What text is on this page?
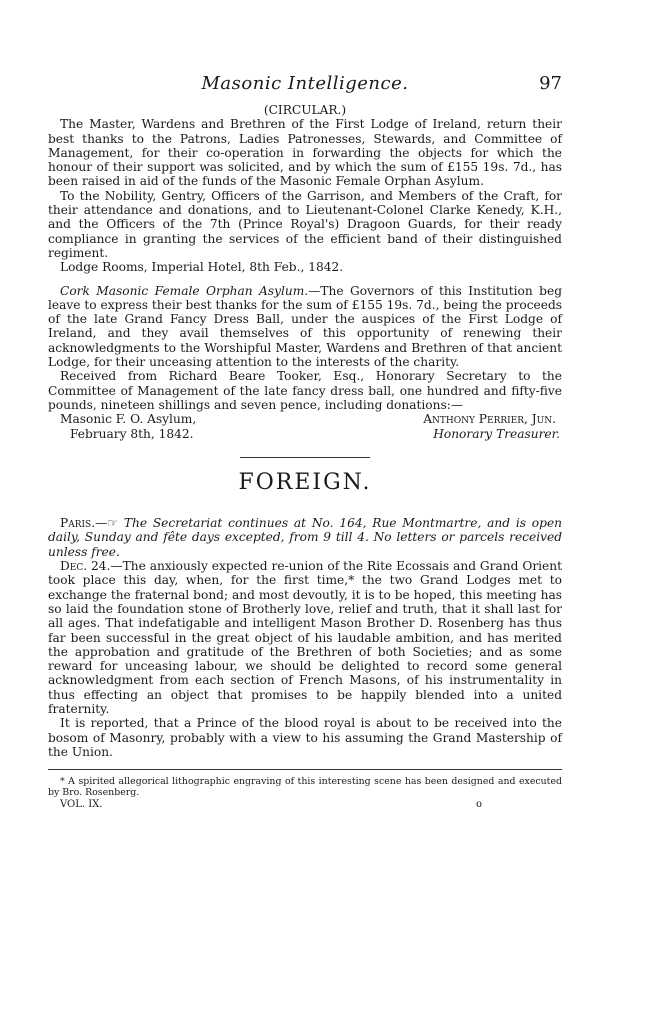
Masonic Intelligence.	97

(CIRCULAR.)

The Master, Wardens and Brethren of the First Lodge of Ireland, return their best thanks to the Patrons, Ladies Patronesses, Stewards, and Committee of Management, for their co-operation in forwarding the objects for which the honour of their support was solicited, and by which the sum of £155 19s. 7d., has been raised in aid of the funds of the Masonic Female Orphan Asylum.

To the Nobility, Gentry, Officers of the Garrison, and Members of the Craft, for their attendance and donations, and to Lieutenant-Colonel Clarke Kenedy, K.H., and the Officers of the 7th (Prince Royal's) Dragoon Guards, for their ready compliance in granting the services of the efficient band of their distinguished regiment.

Lodge Rooms, Imperial Hotel, 8th Feb., 1842.

Cork Masonic Female Orphan Asylum.—The Governors of this Institution beg leave to express their best thanks for the sum of £155 19s. 7d., being the proceeds of the late Grand Fancy Dress Ball, under the auspices of the First Lodge of Ireland, and they avail themselves of this opportunity of renewing their acknowledgments to the Worshipful Master, Wardens and Brethren of that ancient Lodge, for their unceasing attention to the interests of the charity.

Received from Richard Beare Tooker, Esq., Honorary Secretary to the Committee of Management of the late fancy dress ball, one hundred and fifty-five pounds, nineteen shillings and seven pence, including donations:—

Masonic F. O. Asylum,	Anthony Perrier, Jun.
February 8th, 1842.	Honorary Treasurer.
FOREIGN.

Paris.—☞ The Secretariat continues at No. 164, Rue Montmartre, and is open daily, Sunday and fête days excepted, from 9 till 4. No letters or parcels received unless free.

Dec. 24.—The anxiously expected re-union of the Rite Ecossais and Grand Orient took place this day, when, for the first time,* the two Grand Lodges met to exchange the fraternal bond; and most devoutly, it is to be hoped, this meeting has so laid the foundation stone of Brotherly love, relief and truth, that it shall last for all ages. That indefatigable and intelligent Mason Brother D. Rosenberg has thus far been successful in the great object of his laudable ambition, and has merited the approbation and gratitude of the Brethren of both Societies; and as some reward for unceasing labour, we should be delighted to record some general acknowledgment from each section of French Masons, of his instrumentality in thus effecting an object that promises to be happily blended into a united fraternity.

It is reported, that a Prince of the blood royal is about to be received into the bosom of Masonry, probably with a view to his assuming the Grand Mastership of the Union.

* A spirited allegorical lithographic engraving of this interesting scene has been designed and executed by Bro. Rosenberg.

VOL. IX.	o
